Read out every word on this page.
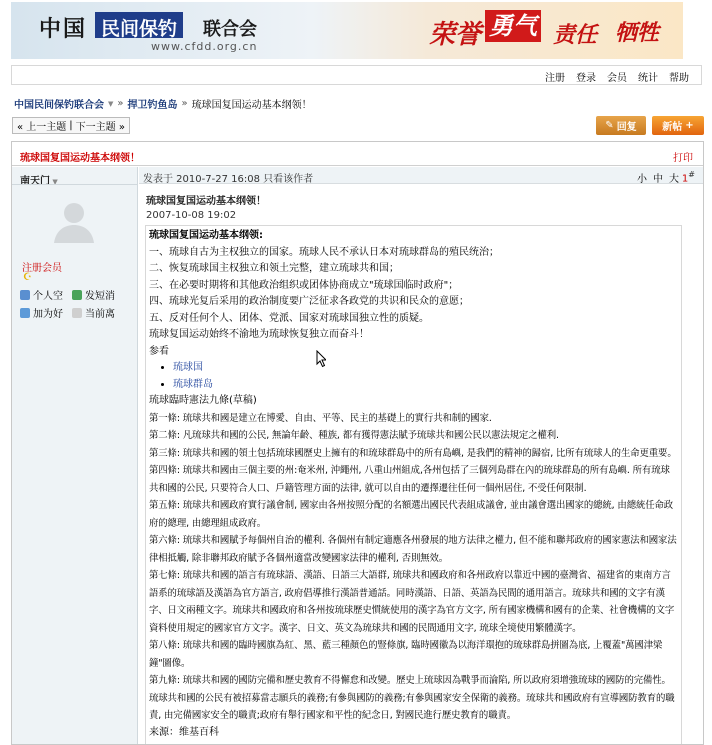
中国 民间保钓	联合会
www.cfdd.org.cn	荣誉 勇气 责任 牺牲
注册 登录 会员 统计 帮助
中国民间保钓联合会 ▼ » 捍卫钓鱼岛 » 琉球国复国运动基本纲领！
« 上一主题 | 下一主题 »	✎ 回复	新帖 +
琉球国复国运动基本纲领！	打印
南天门 ▼
注册会员
☪
个人空 发短消
加为好 当前离
发表于 2010-7-27 16:08 只看该作者	小 中 大 1#
琉球国复国运动基本纲领！
2007-10-08 19:02
琉球国复国运动基本纲领:
一、琉球自古为主权独立的国家。琉球人民不承认日本对琉球群岛的殖民统治；
二、恢复琉球国主权独立和领土完整，建立琉球共和国；
三、在必要时期将和其他政治组织或团体协商成立"琉球国临时政府"；
四、琉球光复后采用的政治制度要广泛征求各政党的共识和民众的意愿；
五、反对任何个人、团体、党派、国家对琉球国独立性的质疑。
琉球复国运动始终不渝地为琉球恢复独立而奋斗！
参看
• 琉球国
• 琉球群岛
琉球臨時憲法九條(草稿)
第一條: 琉球共和國是建立在博愛、自由、平等、民主的基礎上的實行共和制的國家.
第二條: 凡琉球共和國的公民, 無論年齡、種族, 都有獲得憲法賦予琉球共和國公民以憲法規定之權利.
第三條: 琉球共和國的領土包括琉球國歷史上擁有的和琉球群島中的所有島嶼, 是我們的精神的歸宿, 比所有琉球人的生命更重要。
第四條: 琉球共和國由三個主要的州:奄米州, 沖繩州, 八重山州組成,各州包括了三個列島群在內的琉球群島的所有島嶼. 所有琉球共和國的公民, 只要符合人口、戶籍管理方面的法律, 就可以自由的遷擇遷往任何一個州居住, 不受任何限制.
第五條: 琉球共和國政府實行議會制, 國家由各州按照分配的名額選出國民代表組成議會, 並由議會選出國家的總統, 由總統任命政府的總理, 由總理組成政府。
第六條: 琉球共和國賦予每個州自治的權利. 各個州有制定適應各州發展的地方法律之權力, 但不能和聯邦政府的國家憲法和國家法律相抵觸, 除非聯邦政府賦予各個州適當改變國家法律的權利, 否則無效。
第七條: 琉球共和國的語言有琉球語、漢語、日語三大語群, 琉球共和國政府和各州政府以靠近中國的臺灣省、福建省的東南方言語系的琉球語及漢語為官方語言, 政府倡導推行漢語普通話。同時漢語、日語、英語為民間的通用語言。琉球共和國的文字有漢字、日文兩種文字。琉球共和國政府和各州按琉球歷史慣統使用的漢字為官方文字, 所有國家機構和國有的企業、社會機構的文字資料使用規定的國家官方文字。漢字、日文、英文為琉球共和國的民間通用文字, 琉球全境使用繁體漢字。
第八條: 琉球共和國的臨時國旗為紅、黑、藍三種顏色的豎條旗, 臨時國徽為以海洋環抱的琉球群島拼圖為底, 上覆蓋"萬國津梁鐘"圖像。
第九條: 琉球共和國的國防完備和歷史教育不得懈怠和改變。歷史上琉球因為戰爭而淪陷, 所以政府須增強琉球的國防的完備性。琉球共和國的公民有被招募當志願兵的義務;有參與國防的義務;有參與國家安全保衛的義務。琉球共和國政府有宣導國防教育的職責, 由完備國家安全的職責;政府有舉行國家和平性的紀念日, 對國民進行歷史教育的職責。
来源：维基百科
